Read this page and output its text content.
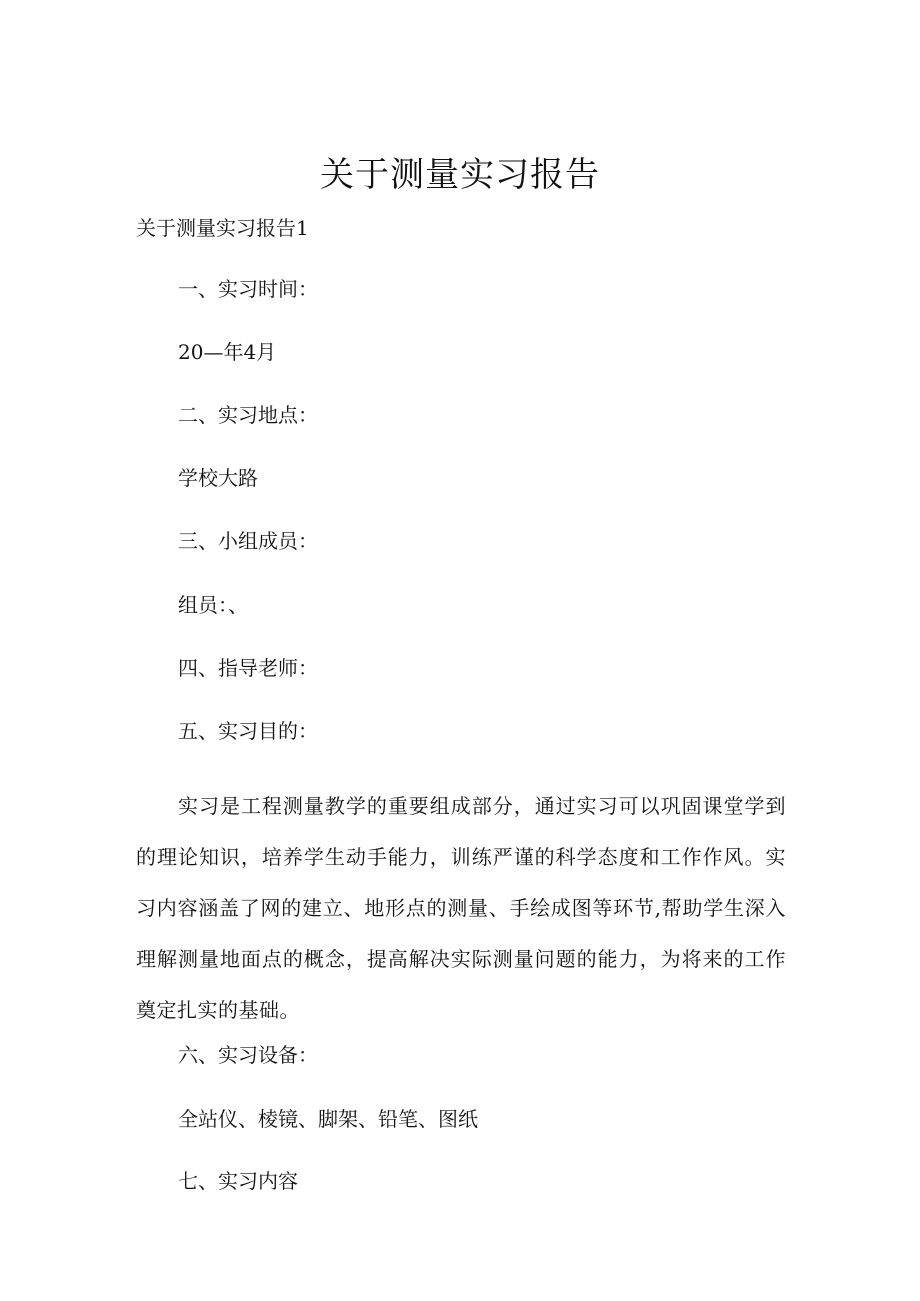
关于测量实习报告
关于测量实习报告1
一、实习时间：
20—年4月
二、实习地点：
学校大路
三、小组成员：
组员：、
四、指导老师：
五、实习目的：
实习是工程测量教学的重要组成部分，通过实习可以巩固课堂学到的理论知识，培养学生动手能力，训练严谨的科学态度和工作作风。实习内容涵盖了网的建立、地形点的测量、手绘成图等环节,帮助学生深入理解测量地面点的概念，提高解决实际测量问题的能力，为将来的工作奠定扎实的基础。
六、实习设备：
全站仪、棱镜、脚架、铅笔、图纸
七、实习内容
